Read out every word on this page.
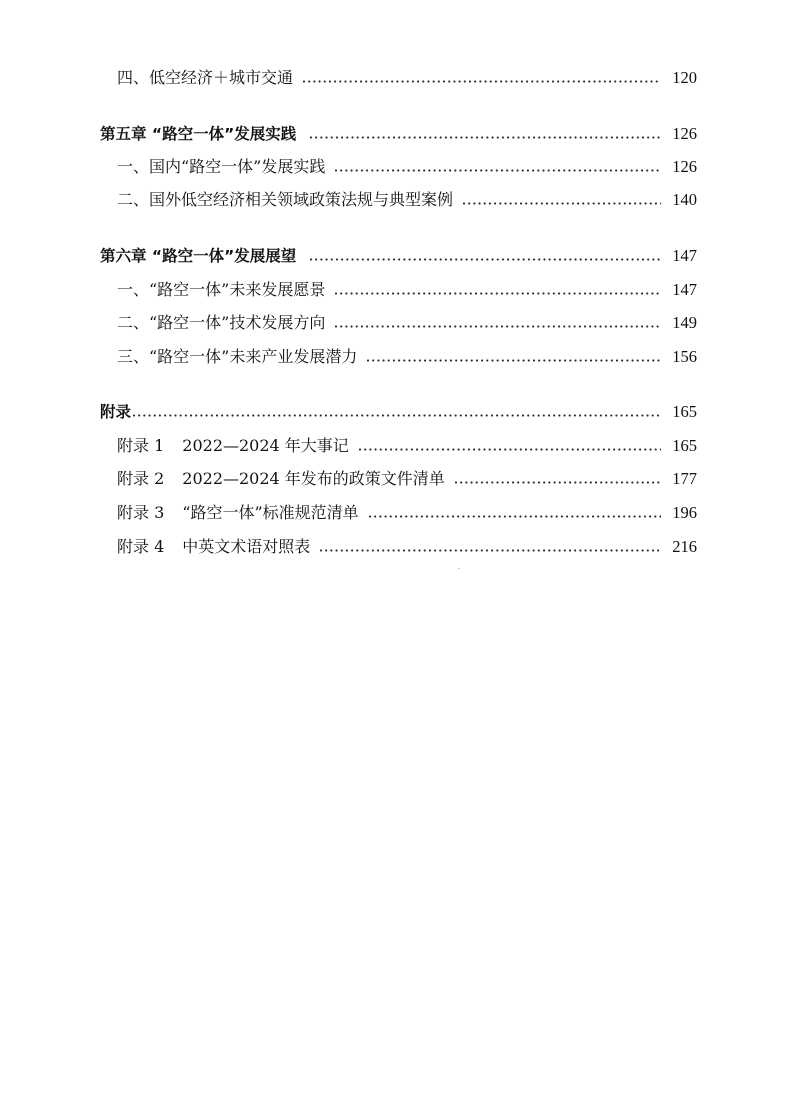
四、低空经济＋城市交通	120
第五章 “路空一体”发展实践	126
一、国内“路空一体”发展实践	126
二、国外低空经济相关领域政策法规与典型案例	140
第六章 “路空一体”发展展望	147
一、“路空一体”未来发展愿景	147
二、“路空一体”技术发展方向	149
三、“路空一体”未来产业发展潜力	156
附录	165
附录 1 2022—2024 年大事记	165
附录 2 2022—2024 年发布的政策文件清单	177
附录 3 “路空一体”标准规范清单	196
附录 4 中英文术语对照表	216
